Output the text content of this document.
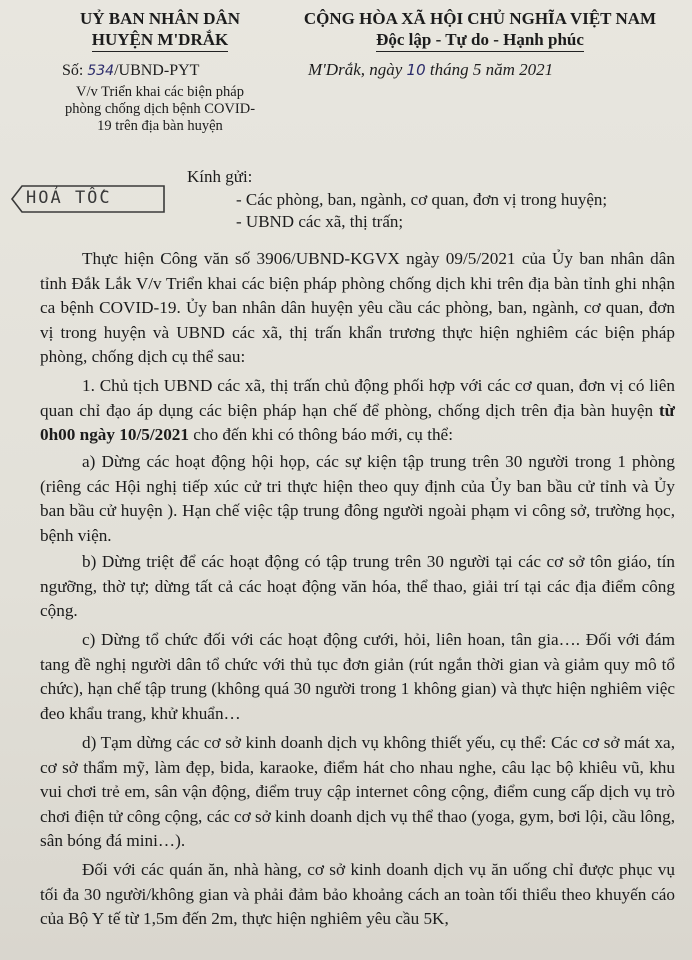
UỶ BAN NHÂN DÂN
HUYỆN M'DRẮK
CỘNG HÒA XÃ HỘI CHỦ NGHĨA VIỆT NAM
Độc lập - Tự do - Hạnh phúc
Số: 534/UBND-PYT
V/v Triển khai các biện pháp
phòng chống dịch bệnh COVID-
19 trên địa bàn huyện
M'Drắk, ngày 10 tháng 5 năm 2021
HOẢ TỐC
Kính gửi:
- Các phòng, ban, ngành, cơ quan, đơn vị trong huyện;
- UBND các xã, thị trấn;
Thực hiện Công văn số 3906/UBND-KGVX ngày 09/5/2021 của Ủy ban nhân dân tỉnh Đắk Lắk V/v Triển khai các biện pháp phòng chống dịch khi trên địa bàn tỉnh ghi nhận ca bệnh COVID-19. Ủy ban nhân dân huyện yêu cầu các phòng, ban, ngành, cơ quan, đơn vị trong huyện và UBND các xã, thị trấn khẩn trương thực hiện nghiêm các biện pháp phòng, chống dịch cụ thể sau:
1. Chủ tịch UBND các xã, thị trấn chủ động phối hợp với các cơ quan, đơn vị có liên quan chỉ đạo áp dụng các biện pháp hạn chế để phòng, chống dịch trên địa bàn huyện từ 0h00 ngày 10/5/2021 cho đến khi có thông báo mới, cụ thể:
a) Dừng các hoạt động hội họp, các sự kiện tập trung trên 30 người trong 1 phòng (riêng các Hội nghị tiếp xúc cử tri thực hiện theo quy định của Ủy ban bầu cử tỉnh và Ủy ban bầu cử huyện ). Hạn chế việc tập trung đông người ngoài phạm vi công sở, trường học, bệnh viện.
b) Dừng triệt để các hoạt động có tập trung trên 30 người tại các cơ sở tôn giáo, tín ngưỡng, thờ tự; dừng tất cả các hoạt động văn hóa, thể thao, giải trí tại các địa điểm công cộng.
c) Dừng tổ chức đối với các hoạt động cưới, hỏi, liên hoan, tân gia…. Đối với đám tang đề nghị người dân tổ chức với thủ tục đơn giản (rút ngắn thời gian và giảm quy mô tổ chức), hạn chế tập trung (không quá 30 người trong 1 không gian) và thực hiện nghiêm việc đeo khẩu trang, khử khuẩn…
d) Tạm dừng các cơ sở kinh doanh dịch vụ không thiết yếu, cụ thể: Các cơ sở mát xa, cơ sở thẩm mỹ, làm đẹp, bida, karaoke, điểm hát cho nhau nghe, câu lạc bộ khiêu vũ, khu vui chơi trẻ em, sân vận động, điểm truy cập internet công cộng, điểm cung cấp dịch vụ trò chơi điện tử công cộng, các cơ sở kinh doanh dịch vụ thể thao (yoga, gym, bơi lội, cầu lông, sân bóng đá mini…).
Đối với các quán ăn, nhà hàng, cơ sở kinh doanh dịch vụ ăn uống chỉ được phục vụ tối đa 30 người/không gian và phải đảm bảo khoảng cách an toàn tối thiểu theo khuyến cáo của Bộ Y tế từ 1,5m đến 2m, thực hiện nghiêm yêu cầu 5K,
